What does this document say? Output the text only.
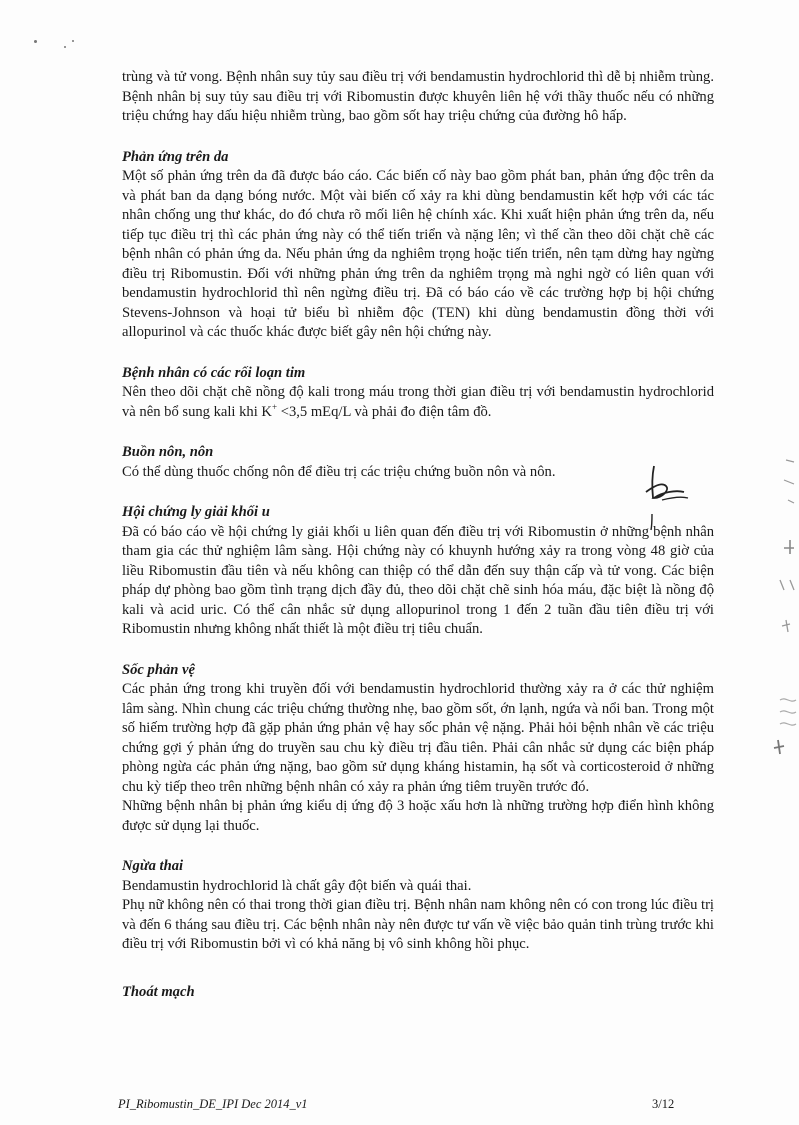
trùng và tử vong. Bệnh nhân suy tủy sau điều trị với bendamustin hydrochlorid thì dễ bị nhiễm trùng. Bệnh nhân bị suy tủy sau điều trị với Ribomustin được khuyên liên hệ với thầy thuốc nếu có những triệu chứng hay dấu hiệu nhiễm trùng, bao gồm sốt hay triệu chứng của đường hô hấp.

Phản ứng trên da

Một số phản ứng trên da đã được báo cáo. Các biến cố này bao gồm phát ban, phản ứng độc trên da và phát ban da dạng bóng nước. Một vài biến cố xảy ra khi dùng bendamustin kết hợp với các tác nhân chống ung thư khác, do đó chưa rõ mối liên hệ chính xác. Khi xuất hiện phản ứng trên da, nếu tiếp tục điều trị thì các phản ứng này có thể tiến triển và nặng lên; vì thế cần theo dõi chặt chẽ các bệnh nhân có phản ứng da. Nếu phản ứng da nghiêm trọng hoặc tiến triển, nên tạm dừng hay ngừng điều trị Ribomustin. Đối với những phản ứng trên da nghiêm trọng mà nghi ngờ có liên quan với bendamustin hydrochlorid thì nên ngừng điều trị. Đã có báo cáo về các trường hợp bị hội chứng Stevens-Johnson và hoại tử biểu bì nhiễm độc (TEN) khi dùng bendamustin đồng thời với allopurinol và các thuốc khác được biết gây nên hội chứng này.

Bệnh nhân có các rối loạn tim

Nên theo dõi chặt chẽ nồng độ kali trong máu trong thời gian điều trị với bendamustin hydrochlorid và nên bổ sung kali khi K+ <3,5 mEq/L và phải đo điện tâm đồ.

Buồn nôn, nôn

Có thể dùng thuốc chống nôn để điều trị các triệu chứng buồn nôn và nôn.

Hội chứng ly giải khối u

Đã có báo cáo về hội chứng ly giải khối u liên quan đến điều trị với Ribomustin ở những bệnh nhân tham gia các thử nghiệm lâm sàng. Hội chứng này có khuynh hướng xảy ra trong vòng 48 giờ của liều Ribomustin đầu tiên và nếu không can thiệp có thể dẫn đến suy thận cấp và tử vong. Các biện pháp dự phòng bao gồm tình trạng dịch đầy đủ, theo dõi chặt chẽ sinh hóa máu, đặc biệt là nồng độ kali và acid uric. Có thể cân nhắc sử dụng allopurinol trong 1 đến 2 tuần đầu tiên điều trị với Ribomustin nhưng không nhất thiết là một điều trị tiêu chuẩn.

Sốc phản vệ

Các phản ứng trong khi truyền đối với bendamustin hydrochlorid thường xảy ra ở các thử nghiệm lâm sàng. Nhìn chung các triệu chứng thường nhẹ, bao gồm sốt, ớn lạnh, ngứa và nổi ban. Trong một số hiếm trường hợp đã gặp phản ứng phản vệ hay sốc phản vệ nặng. Phải hỏi bệnh nhân về các triệu chứng gợi ý phản ứng do truyền sau chu kỳ điều trị đầu tiên. Phải cân nhắc sử dụng các biện pháp phòng ngừa các phản ứng nặng, bao gồm sử dụng kháng histamin, hạ sốt và corticosteroid ở những chu kỳ tiếp theo trên những bệnh nhân có xảy ra phản ứng tiêm truyền trước đó.

Những bệnh nhân bị phản ứng kiểu dị ứng độ 3 hoặc xấu hơn là những trường hợp điển hình không được sử dụng lại thuốc.

Ngừa thai

Bendamustin hydrochlorid là chất gây đột biến và quái thai.

Phụ nữ không nên có thai trong thời gian điều trị. Bệnh nhân nam không nên có con trong lúc điều trị và đến 6 tháng sau điều trị. Các bệnh nhân này nên được tư vấn về việc bảo quản tinh trùng trước khi điều trị với Ribomustin bởi vì có khả năng bị vô sinh không hồi phục.

Thoát mạch

PI_Ribomustin_DE_IPI Dec 2014_v1	3/12
